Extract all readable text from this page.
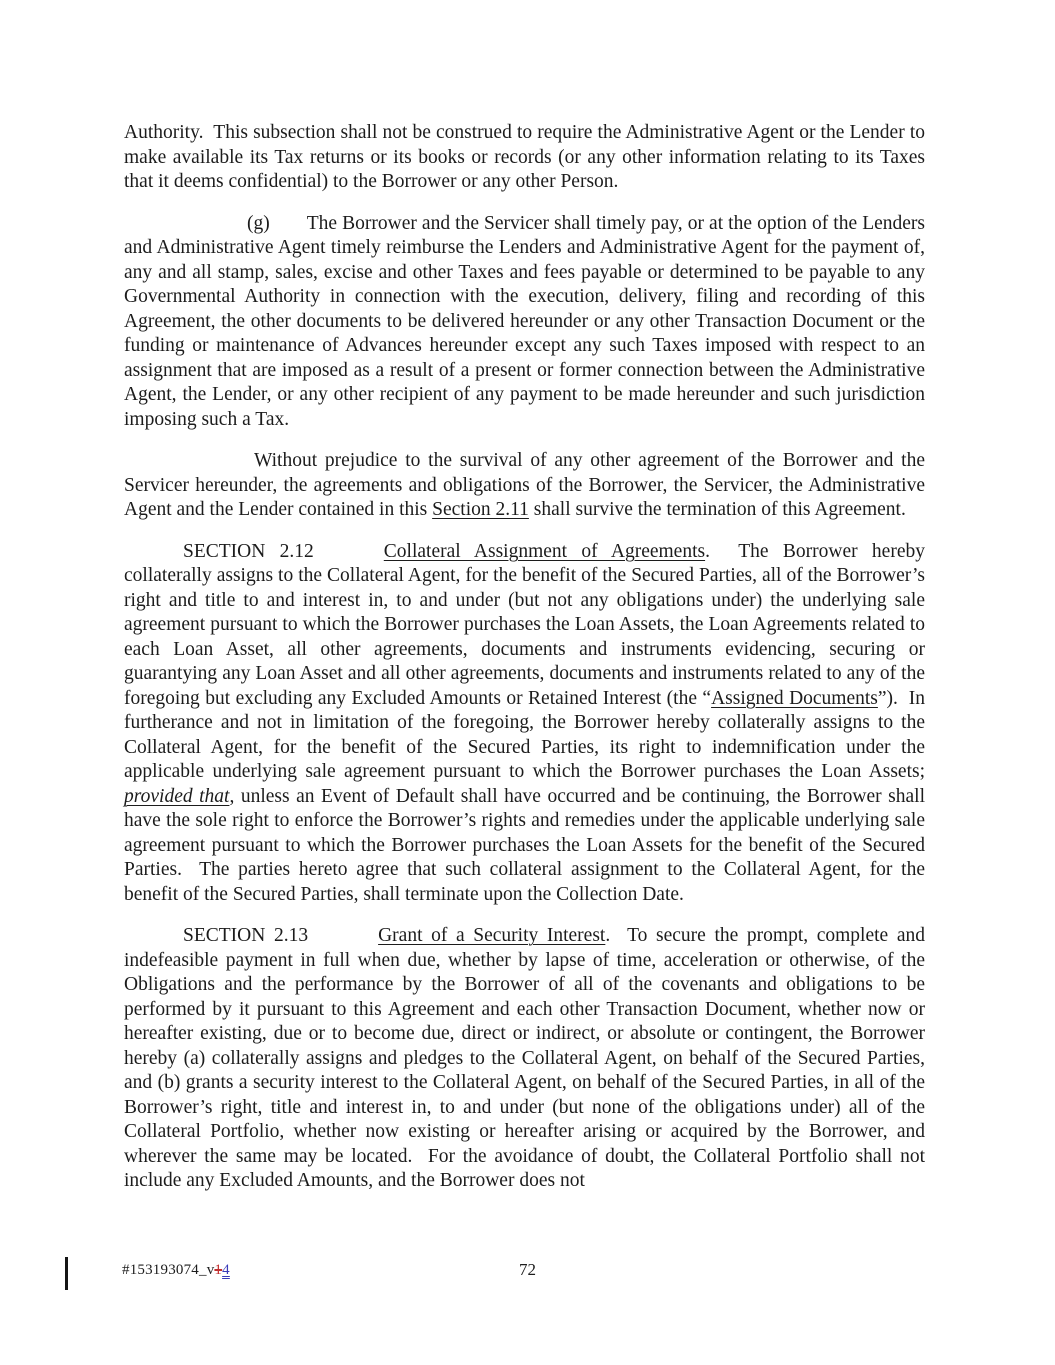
Authority.  This subsection shall not be construed to require the Administrative Agent or the Lender to make available its Tax returns or its books or records (or any other information relating to its Taxes that it deems confidential) to the Borrower or any other Person.

(g) The Borrower and the Servicer shall timely pay, or at the option of the Lenders and Administrative Agent timely reimburse the Lenders and Administrative Agent for the payment of, any and all stamp, sales, excise and other Taxes and fees payable or determined to be payable to any Governmental Authority in connection with the execution, delivery, filing and recording of this Agreement, the other documents to be delivered hereunder or any other Transaction Document or the funding or maintenance of Advances hereunder except any such Taxes imposed with respect to an assignment that are imposed as a result of a present or former connection between the Administrative Agent, the Lender, or any other recipient of any payment to be made hereunder and such jurisdiction imposing such a Tax.

Without prejudice to the survival of any other agreement of the Borrower and the Servicer hereunder, the agreements and obligations of the Borrower, the Servicer, the Administrative Agent and the Lender contained in this Section 2.11 shall survive the termination of this Agreement.

SECTION 2.12	Collateral Assignment of Agreements.  The Borrower hereby collaterally assigns to the Collateral Agent, for the benefit of the Secured Parties, all of the Borrower’s right and title to and interest in, to and under (but not any obligations under) the underlying sale agreement pursuant to which the Borrower purchases the Loan Assets, the Loan Agreements related to each Loan Asset, all other agreements, documents and instruments evidencing, securing or guarantying any Loan Asset and all other agreements, documents and instruments related to any of the foregoing but excluding any Excluded Amounts or Retained Interest (the “Assigned Documents”).  In furtherance and not in limitation of the foregoing, the Borrower hereby collaterally assigns to the Collateral Agent, for the benefit of the Secured Parties, its right to indemnification under the applicable underlying sale agreement pursuant to which the Borrower purchases the Loan Assets; provided that, unless an Event of Default shall have occurred and be continuing, the Borrower shall have the sole right to enforce the Borrower’s rights and remedies under the applicable underlying sale agreement pursuant to which the Borrower purchases the Loan Assets for the benefit of the Secured Parties.  The parties hereto agree that such collateral assignment to the Collateral Agent, for the benefit of the Secured Parties, shall terminate upon the Collection Date.

SECTION 2.13	Grant of a Security Interest.  To secure the prompt, complete and indefeasible payment in full when due, whether by lapse of time, acceleration or otherwise, of the Obligations and the performance by the Borrower of all of the covenants and obligations to be performed by it pursuant to this Agreement and each other Transaction Document, whether now or hereafter existing, due or to become due, direct or indirect, or absolute or contingent, the Borrower hereby (a) collaterally assigns and pledges to the Collateral Agent, on behalf of the Secured Parties, and (b) grants a security interest to the Collateral Agent, on behalf of the Secured Parties, in all of the Borrower’s right, title and interest in, to and under (but none of the obligations under) all of the Collateral Portfolio, whether now existing or hereafter arising or acquired by the Borrower, and wherever the same may be located.  For the avoidance of doubt, the Collateral Portfolio shall not include any Excluded Amounts, and the Borrower does not

#153193074_v14	72
